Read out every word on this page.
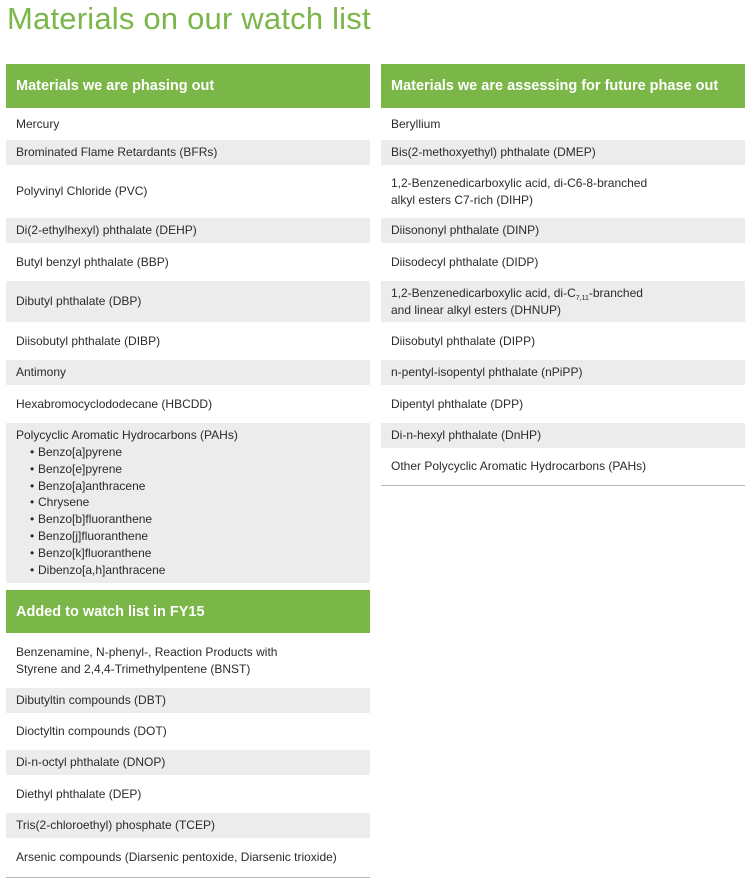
Materials on our watch list
Materials we are phasing out
Mercury
Brominated Flame Retardants (BFRs)
Polyvinyl Chloride (PVC)
Di(2-ethylhexyl) phthalate (DEHP)
Butyl benzyl phthalate (BBP)
Dibutyl phthalate (DBP)
Diisobutyl phthalate (DIBP)
Antimony
Hexabromocyclododecane (HBCDD)
Polycyclic Aromatic Hydrocarbons (PAHs)
• Benzo[a]pyrene
• Benzo[e]pyrene
• Benzo[a]anthracene
• Chrysene
• Benzo[b]fluoranthene
• Benzo[j]fluoranthene
• Benzo[k]fluoranthene
• Dibenzo[a,h]anthracene
Added to watch list in FY15
Benzenamine, N-phenyl-, Reaction Products with
Styrene and 2,4,4-Trimethylpentene (BNST)
Dibutyltin compounds (DBT)
Dioctyltin compounds (DOT)
Di-n-octyl phthalate (DNOP)
Diethyl phthalate (DEP)
Tris(2-chloroethyl) phosphate (TCEP)
Arsenic compounds (Diarsenic pentoxide, Diarsenic trioxide)
Materials we are assessing for future phase out
Beryllium
Bis(2-methoxyethyl) phthalate (DMEP)
1,2-Benzenedicarboxylic acid, di-C6-8-branched
alkyl esters C7-rich (DIHP)
Diisononyl phthalate (DINP)
Diisodecyl phthalate (DIDP)
1,2-Benzenedicarboxylic acid, $di-C_{7,11}$-branched
and linear alkyl esters (DHNUP)
Diisobutyl phthalate (DIPP)
n-pentyl-isopentyl phthalate (nPiPP)
Dipentyl phthalate (DPP)
Di-n-hexyl phthalate (DnHP)
Other Polycyclic Aromatic Hydrocarbons (PAHs)
